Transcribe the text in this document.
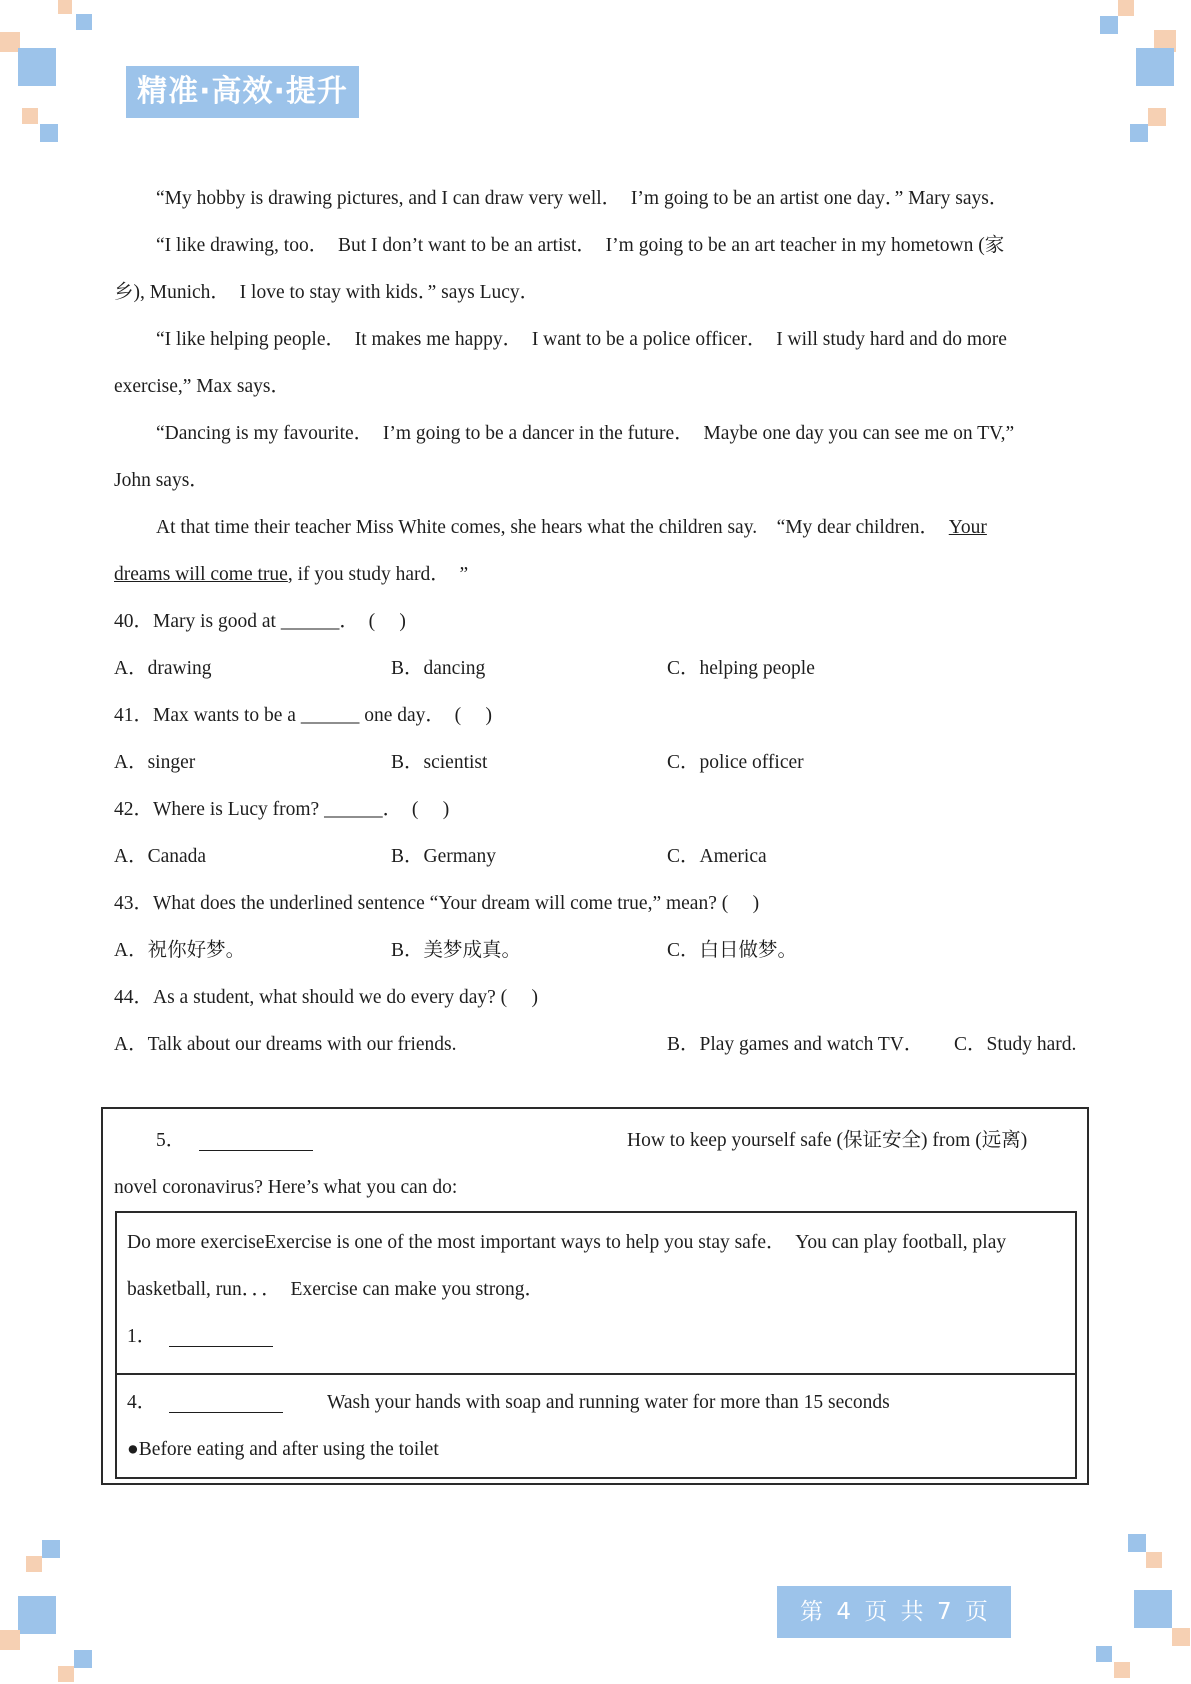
精准·高效·提升
“My hobby is drawing pictures, and I can draw very well．　I’m going to be an artist one day．” Mary says．
“I like drawing, too．　But I don’t want to be an artist．　I’m going to be an art teacher in my hometown (家
乡), Munich．　I love to stay with kids．” says Lucy．
“I like helping people．　It makes me happy．　I want to be a police officer．　I will study hard and do more
exercise,” Max says．
“Dancing is my favourite．　I’m going to be a dancer in the future．　Maybe one day you can see me on TV,”
John says．
At that time their teacher Miss White comes, she hears what the children say.　“My dear children． Your
dreams will come true, if you study hard．　”
40．Mary is good at ______．　(　 )
A．drawing	B．dancing	C．helping people
41．Max wants to be a ______ one day．　(　 )
A．singer	B．scientist	C．police officer
42．Where is Lucy from? ______．　(　 )
A．Canada	B．Germany	C．America
43．What does the underlined sentence “Your dream will come true,” mean? (　 )
A．祝你好梦。	B．美梦成真。	C．白日做梦。
44．As a student, what should we do every day? (　 )
A．Talk about our dreams with our friends.	B．Play games and watch TV． C．Study hard.
5．	How to keep yourself safe (保证安全) from (远离)
novel coronavirus? Here’s what you can do:
Do more exerciseExercise is one of the most important ways to help you stay safe．　You can play football, play
basketball, run．．．　Exercise can make you strong．
1．
4．	Wash your hands with soap and running water for more than 15 seconds
●Before eating and after using the toilet
第 4 页 共 7 页
